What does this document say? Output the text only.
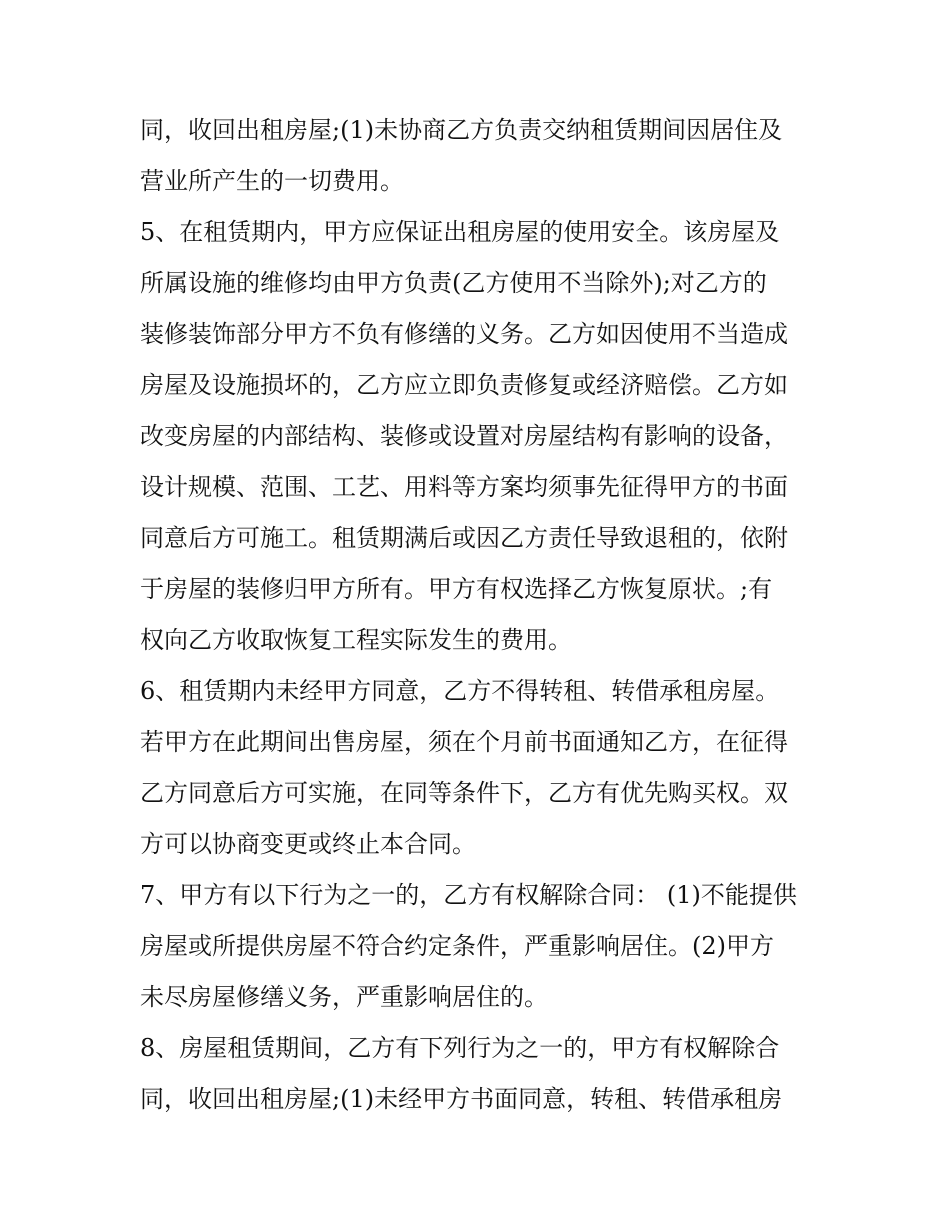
同，收回出租房屋;(1)未协商乙方负责交纳租赁期间因居住及
营业所产生的一切费用。
5、在租赁期内，甲方应保证出租房屋的使用安全。该房屋及
所属设施的维修均由甲方负责(乙方使用不当除外);对乙方的
装修装饰部分甲方不负有修缮的义务。乙方如因使用不当造成
房屋及设施损坏的，乙方应立即负责修复或经济赔偿。乙方如
改变房屋的内部结构、装修或设置对房屋结构有影响的设备，
设计规模、范围、工艺、用料等方案均须事先征得甲方的书面
同意后方可施工。租赁期满后或因乙方责任导致退租的，依附
于房屋的装修归甲方所有。甲方有权选择乙方恢复原状。;有
权向乙方收取恢复工程实际发生的费用。
6、租赁期内未经甲方同意，乙方不得转租、转借承租房屋。
若甲方在此期间出售房屋，须在个月前书面通知乙方，在征得
乙方同意后方可实施，在同等条件下，乙方有优先购买权。双
方可以协商变更或终止本合同。
7、甲方有以下行为之一的，乙方有权解除合同： (1)不能提供
房屋或所提供房屋不符合约定条件，严重影响居住。(2)甲方
未尽房屋修缮义务，严重影响居住的。
8、房屋租赁期间，乙方有下列行为之一的，甲方有权解除合
同，收回出租房屋;(1)未经甲方书面同意，转租、转借承租房
